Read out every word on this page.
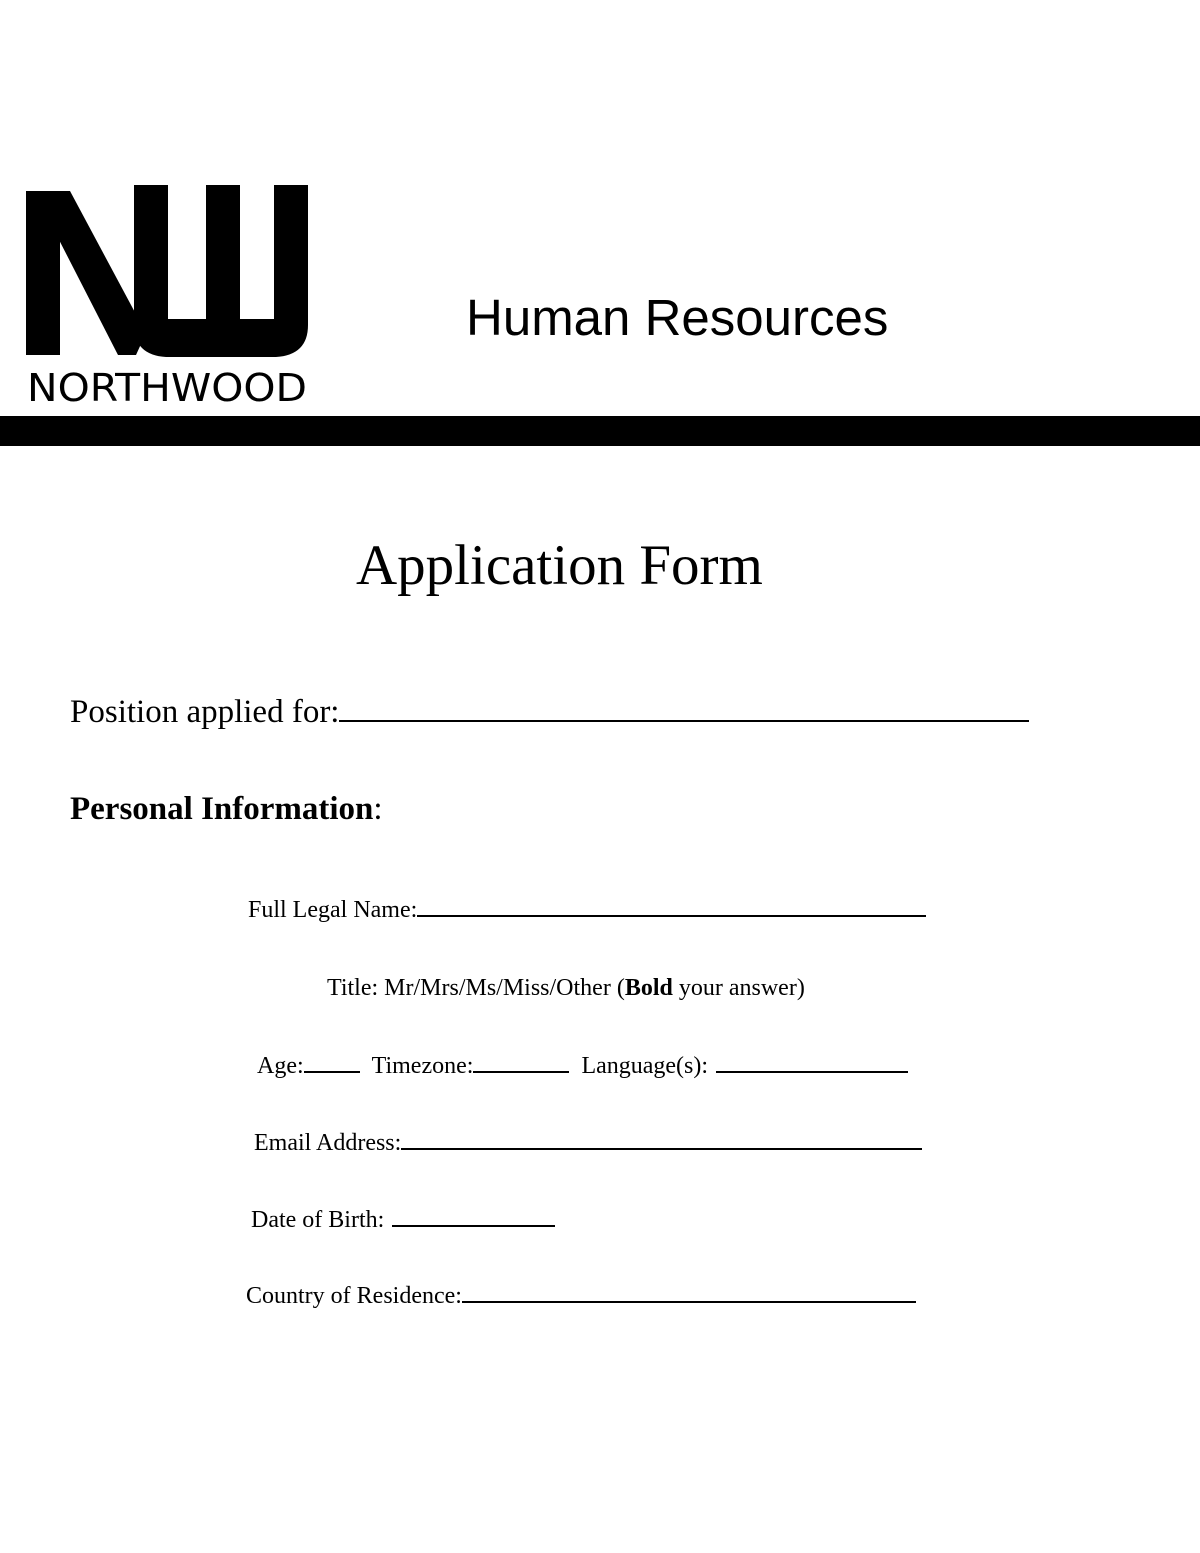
NORTHWOOD
Human Resources
Application Form
Position applied for:
Personal Information:
Full Legal Name:
Title: Mr/Mrs/Ms/Miss/Other (Bold your answer)
Age:	Timezone:	Language(s):
Email Address:
Date of Birth:
Country of Residence:
